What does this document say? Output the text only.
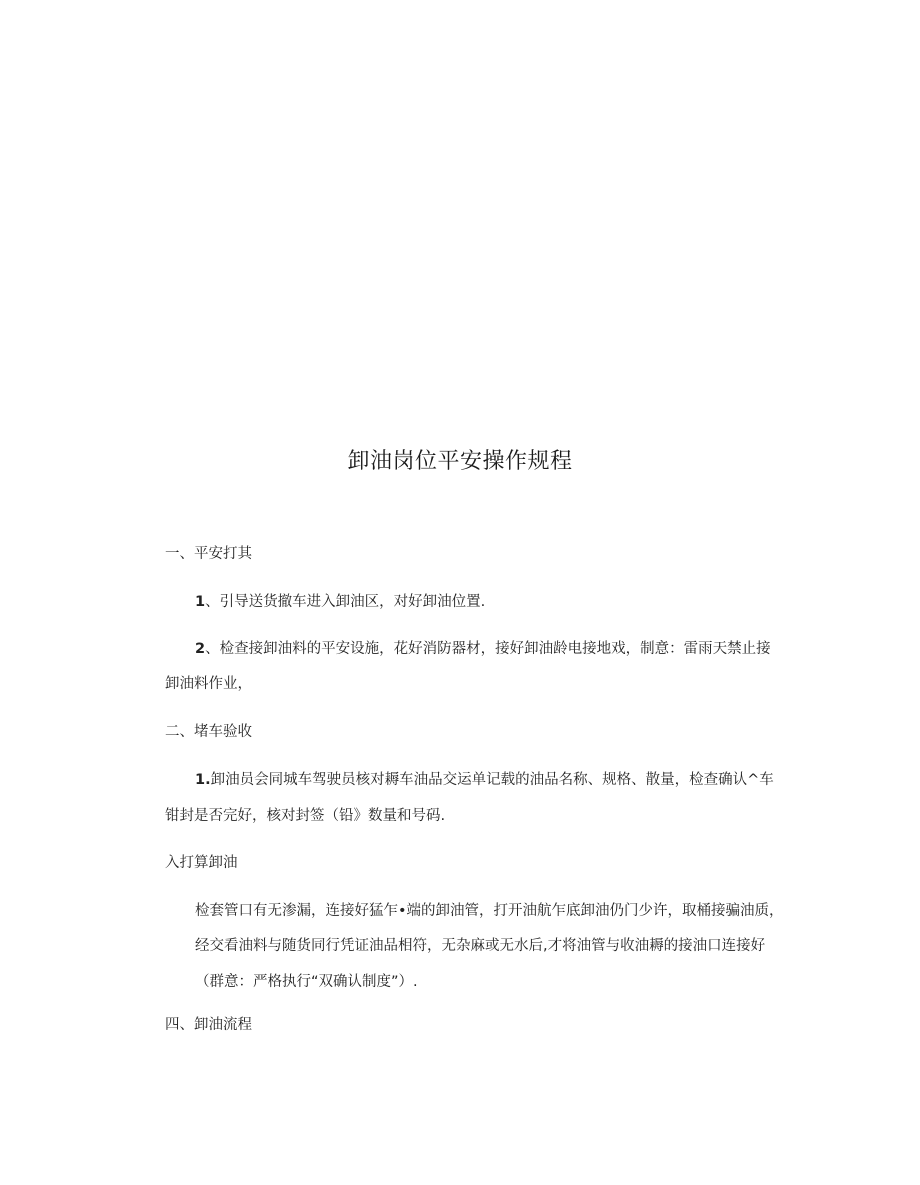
卸油岗位平安操作规程
一、平安打其
1、引导送货撤车进入卸油区，对好卸油位置.
2、检查接卸油料的平安设施，花好消防器材，接好卸油龄电接地戏，制意：雷雨天禁止接
卸油料作业，
二、堵车验收
1.卸油员会同城车驾驶员核对耨车油品交运单记载的油品名称、规格、散量，检查确认^车
钳封是否完好，核对封签（铅》数量和号码.
入打算卸油
检套管口有无渗漏，连接好猛乍•端的卸油管，打开油航乍底卸油仍门少许，取桶接骗油质，
经交看油料与随货同行凭证油品相符，无杂麻或无水后,才将油管与收油耨的接油口连接好
（群意：严格执行“双确认制度”）.
四、卸油流程
